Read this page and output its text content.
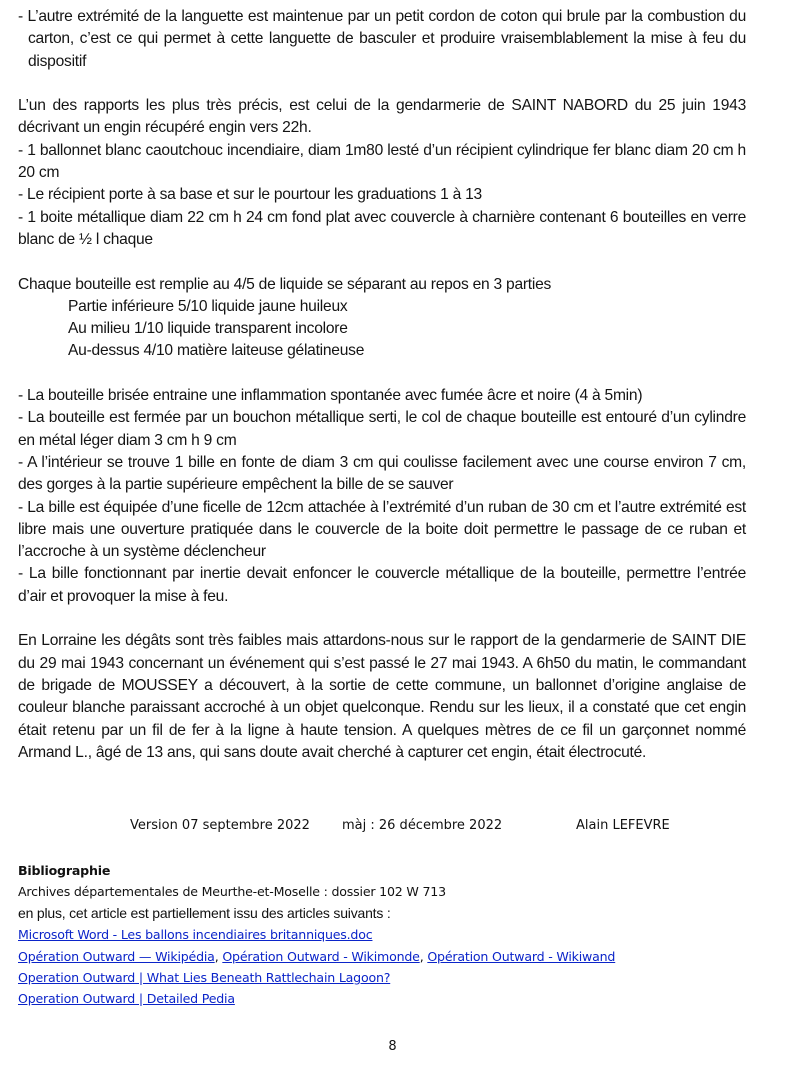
- L’autre extrémité de la languette est maintenue par un petit cordon de coton qui brule par la combustion du carton, c’est ce qui permet à cette languette de basculer et produire vraisemblablement la mise à feu du dispositif

L’un des rapports les plus très précis, est celui de la gendarmerie de SAINT NABORD du 25 juin 1943 décrivant un engin récupéré engin vers 22h.

- 1 ballonnet blanc caoutchouc incendiaire, diam 1m80 lesté d’un récipient cylindrique fer blanc diam 20 cm h 20 cm

- Le récipient porte à sa base et sur le pourtour les graduations 1 à 13

- 1 boite métallique diam 22 cm h 24 cm fond plat avec couvercle à charnière contenant 6 bouteilles en verre blanc de ½ l chaque

Chaque bouteille est remplie au 4/5 de liquide se séparant au repos en 3 parties

Partie inférieure 5/10 liquide jaune huileux

Au milieu 1/10 liquide transparent incolore

Au-dessus 4/10 matière laiteuse gélatineuse

- La bouteille brisée entraine une inflammation spontanée avec fumée âcre et noire (4 à 5min)

- La bouteille est fermée par un bouchon métallique serti, le col de chaque bouteille est entouré d’un cylindre en métal léger diam 3 cm h 9 cm

- A l’intérieur se trouve 1 bille en fonte de diam 3 cm qui coulisse facilement avec une course environ 7 cm, des gorges à la partie supérieure empêchent la bille de se sauver

- La bille est équipée d’une ficelle de 12cm attachée à l’extrémité d’un ruban de 30 cm et l’autre extrémité est libre mais une ouverture pratiquée dans le couvercle de la boite doit permettre le passage de ce ruban et l’accroche à un système déclencheur

- La bille fonctionnant par inertie devait enfoncer le couvercle métallique de la bouteille, permettre l’entrée d’air et provoquer la mise à feu.

En Lorraine les dégâts sont très faibles mais attardons-nous sur le rapport de la gendarmerie de SAINT DIE du 29 mai 1943 concernant un événement qui s’est passé le 27 mai 1943. A 6h50 du matin, le commandant de brigade de MOUSSEY a découvert, à la sortie de cette commune, un ballonnet d’origine anglaise de couleur blanche paraissant accroché à un objet quelconque. Rendu sur les lieux, il a constaté que cet engin était retenu par un fil de fer à la ligne à haute tension. A quelques mètres de ce fil un garçonnet nommé Armand L., âgé de 13 ans, qui sans doute avait cherché à capturer cet engin, était électrocuté.

Version 07 septembre 2022 màj : 26 décembre 2022	Alain LEFEVRE
Bibliographie
Archives départementales de Meurthe-et-Moselle : dossier 102 W 713
en plus, cet article est partiellement issu des articles suivants :
Microsoft Word - Les ballons incendiaires britanniques.doc
Opération Outward — Wikipédia, Opération Outward - Wikimonde, Opération Outward - Wikiwand
Operation Outward | What Lies Beneath Rattlechain Lagoon?
Operation Outward | Detailed Pedia
8
